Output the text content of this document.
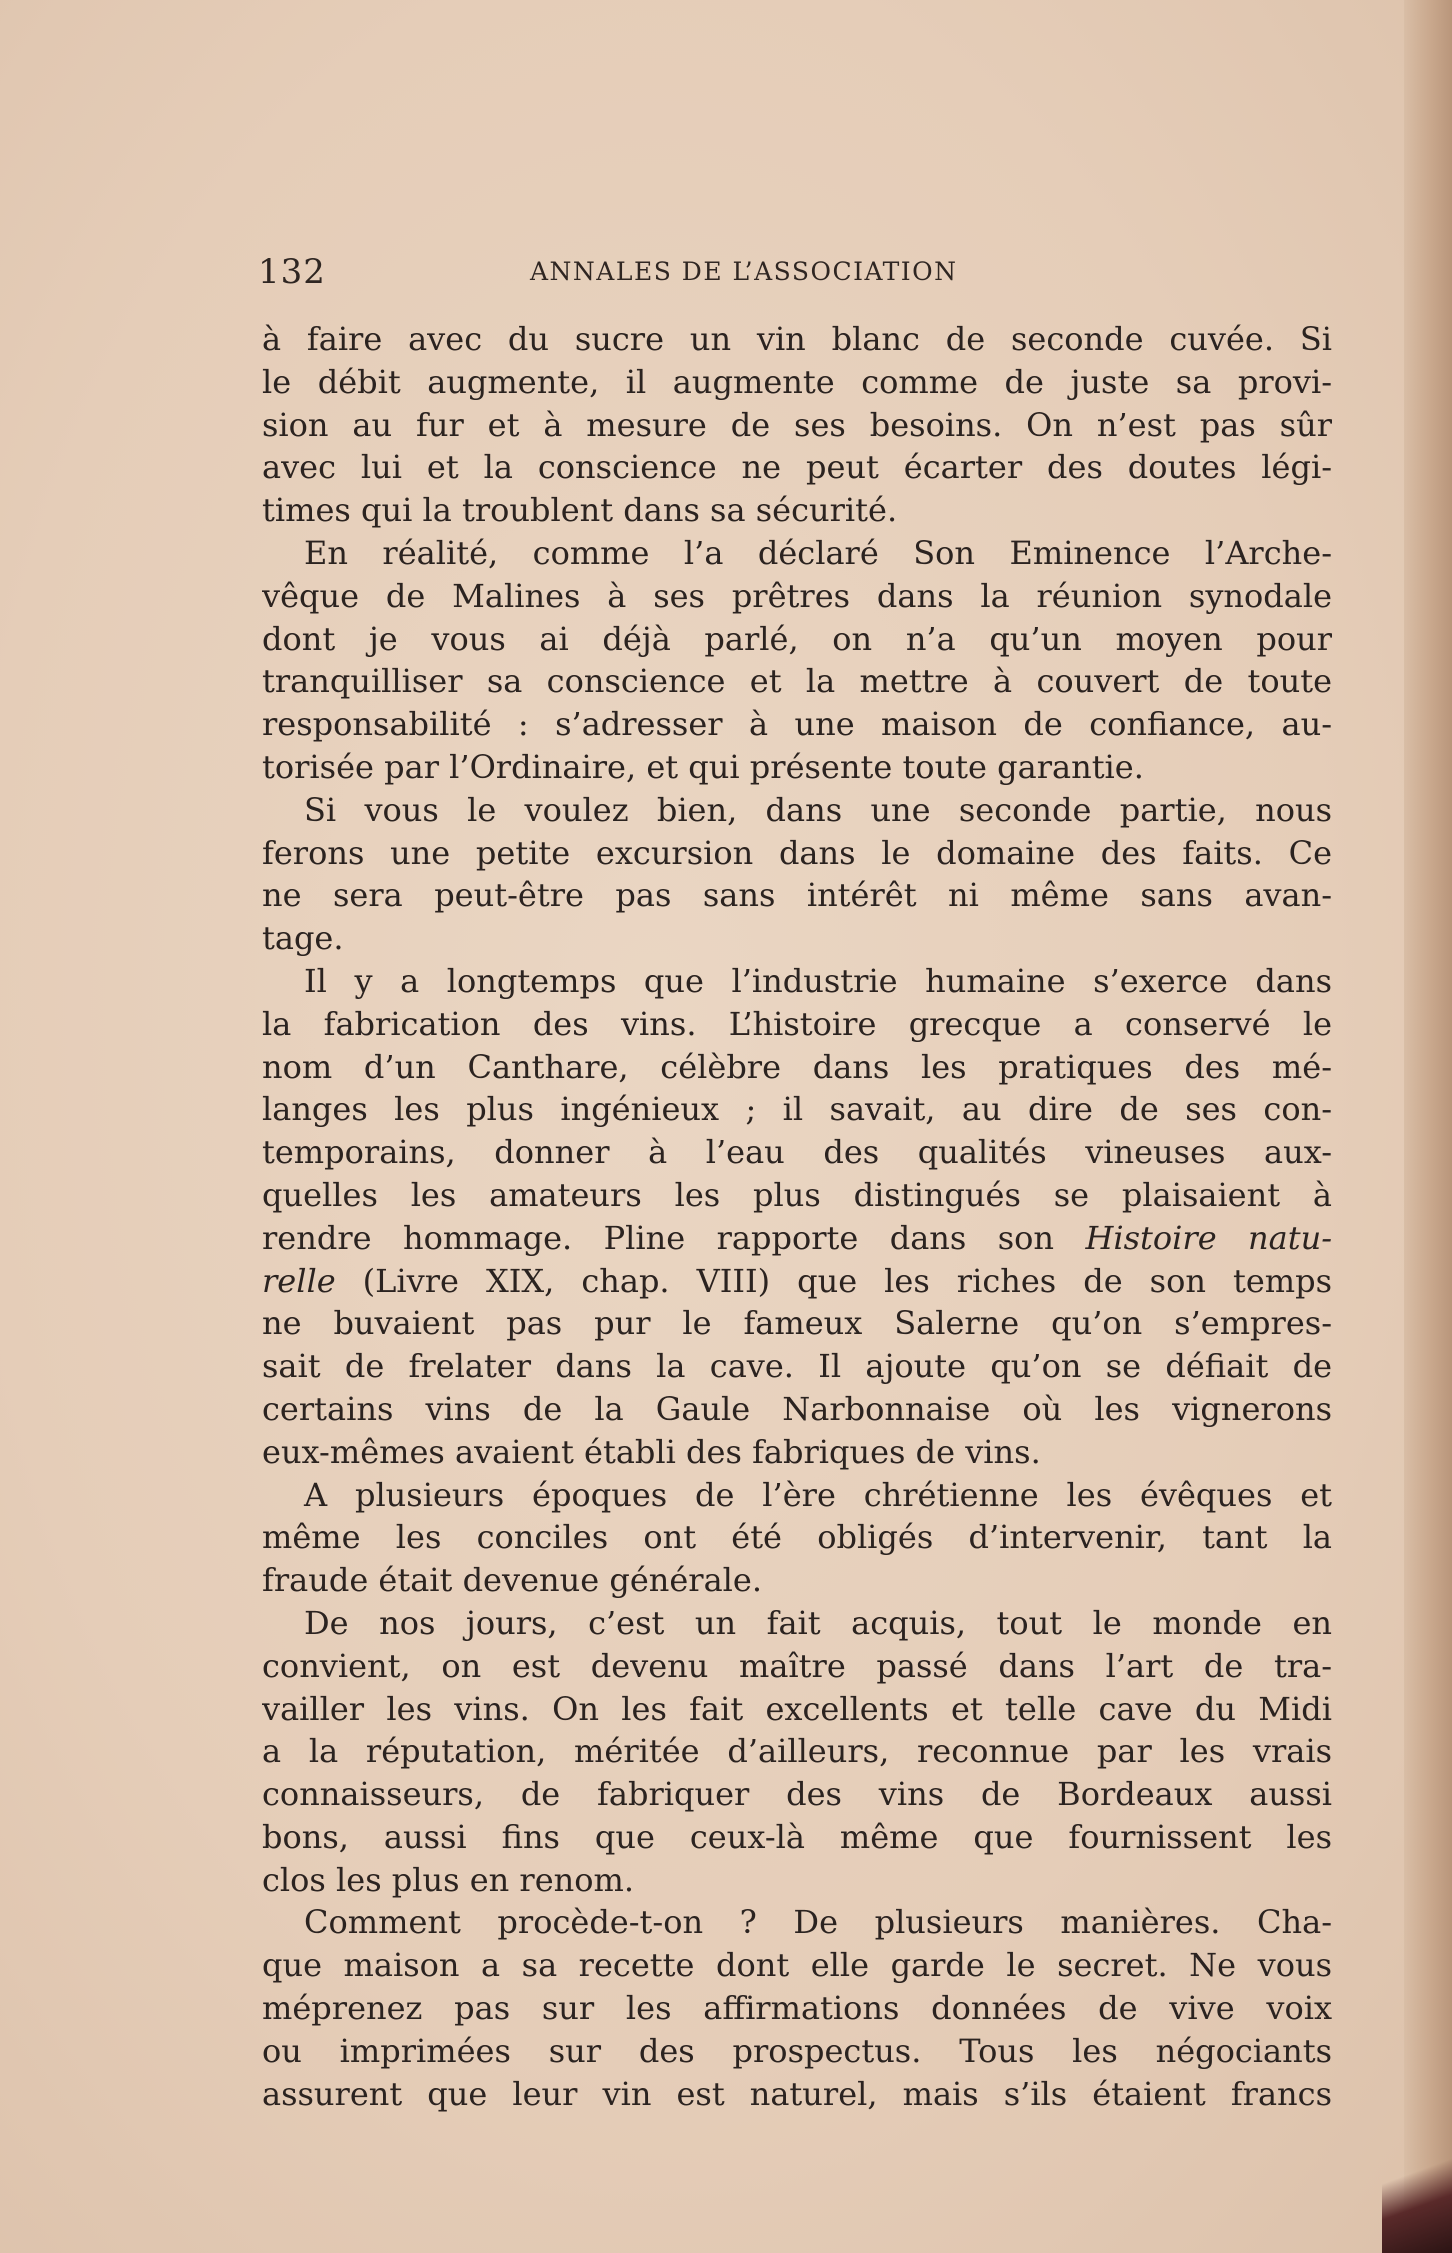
132	ANNALES DE L’ASSOCIATION
à faire avec du sucre un vin blanc de seconde cuvée. Si
le débit augmente, il augmente comme de juste sa provi-
sion au fur et à mesure de ses besoins. On n’est pas sûr
avec lui et la conscience ne peut écarter des doutes légi-
times qui la troublent dans sa sécurité.
En réalité, comme l’a déclaré Son Eminence l’Arche-
vêque de Malines à ses prêtres dans la réunion synodale
dont je vous ai déjà parlé, on n’a qu’un moyen pour
tranquilliser sa conscience et la mettre à couvert de toute
responsabilité : s’adresser à une maison de confiance, au-
torisée par l’Ordinaire, et qui présente toute garantie.
Si vous le voulez bien, dans une seconde partie, nous
ferons une petite excursion dans le domaine des faits. Ce
ne sera peut-être pas sans intérêt ni même sans avan-
tage.
Il y a longtemps que l’industrie humaine s’exerce dans
la fabrication des vins. L’histoire grecque a conservé le
nom d’un Canthare, célèbre dans les pratiques des mé-
langes les plus ingénieux ; il savait, au dire de ses con-
temporains, donner à l’eau des qualités vineuses aux-
quelles les amateurs les plus distingués se plaisaient à
rendre hommage. Pline rapporte dans son Histoire natu-
relle (Livre XIX, chap. VIII) que les riches de son temps
ne buvaient pas pur le fameux Salerne qu’on s’empres-
sait de frelater dans la cave. Il ajoute qu’on se défiait de
certains vins de la Gaule Narbonnaise où les vignerons
eux-mêmes avaient établi des fabriques de vins.
A plusieurs époques de l’ère chrétienne les évêques et
même les conciles ont été obligés d’intervenir, tant la
fraude était devenue générale.
De nos jours, c’est un fait acquis, tout le monde en
convient, on est devenu maître passé dans l’art de tra-
vailler les vins. On les fait excellents et telle cave du Midi
a la réputation, méritée d’ailleurs, reconnue par les vrais
connaisseurs, de fabriquer des vins de Bordeaux aussi
bons, aussi fins que ceux-là même que fournissent les
clos les plus en renom.
Comment procède-t-on ? De plusieurs manières. Cha-
que maison a sa recette dont elle garde le secret. Ne vous
méprenez pas sur les affirmations données de vive voix
ou imprimées sur des prospectus. Tous les négociants
assurent que leur vin est naturel, mais s’ils étaient francs
